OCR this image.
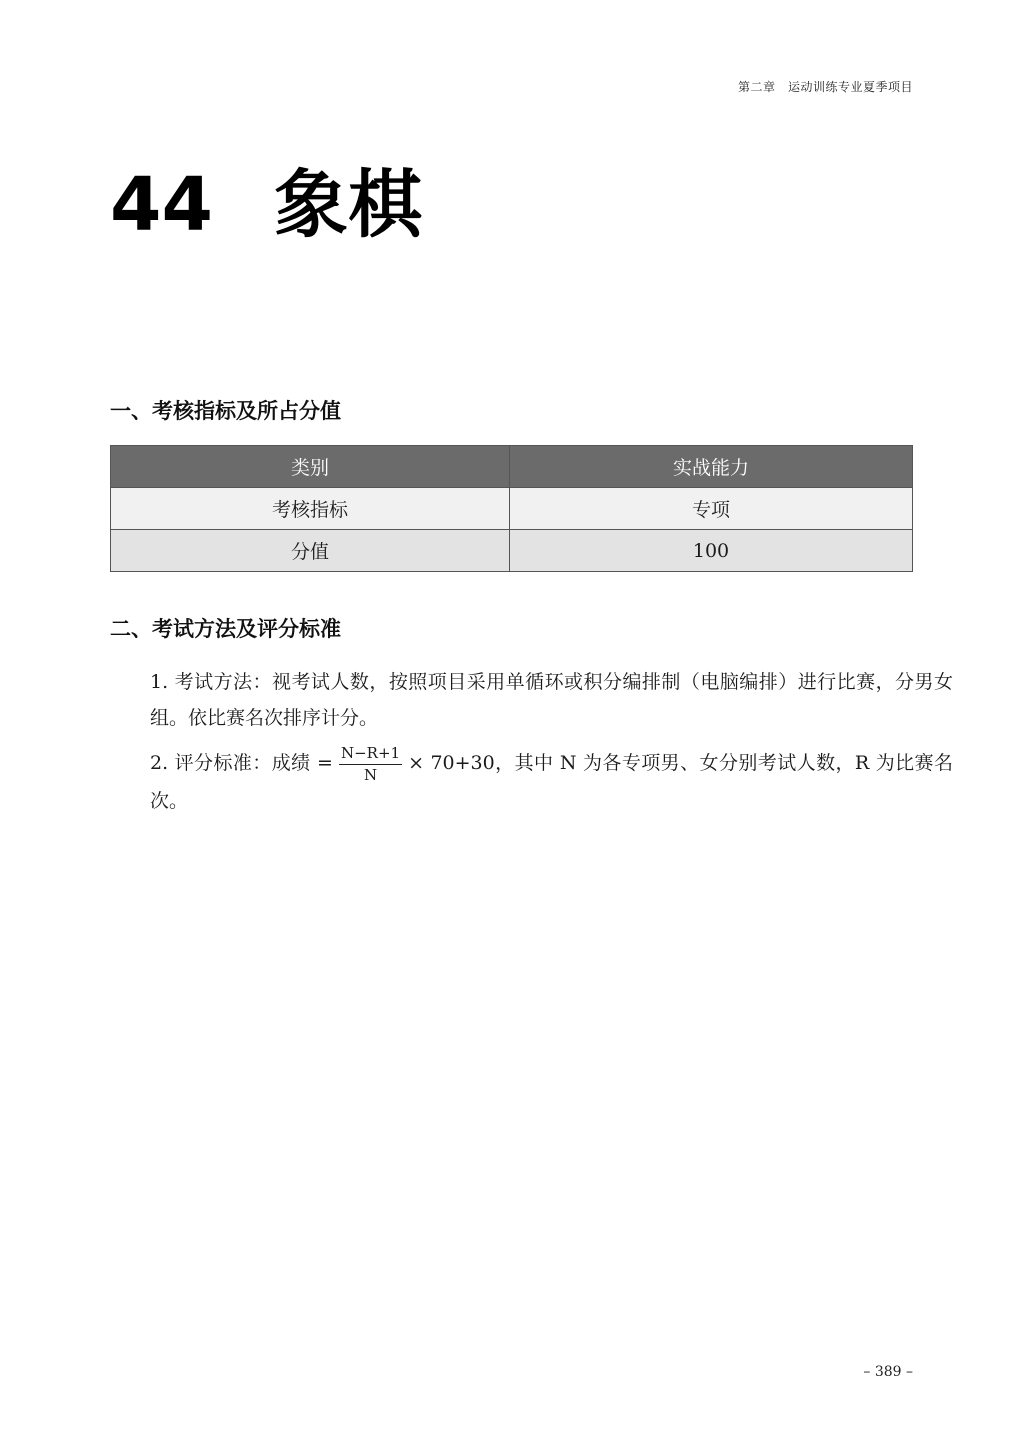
第二章　运动训练专业夏季项目
44 象棋
一、考核指标及所占分值
类别	实战能力
考核指标	专项
分值	100
二、考试方法及评分标准

1. 考试方法：视考试人数，按照项目采用单循环或积分编排制（电脑编排）进行比赛，分男女组。依比赛名次排序计分。

2. 评分标准：成绩 = $\frac{N-R+1}{N} \times 70+30$，其中 N 为各专项男、女分别考试人数，R 为比赛名次。

– 389 –
